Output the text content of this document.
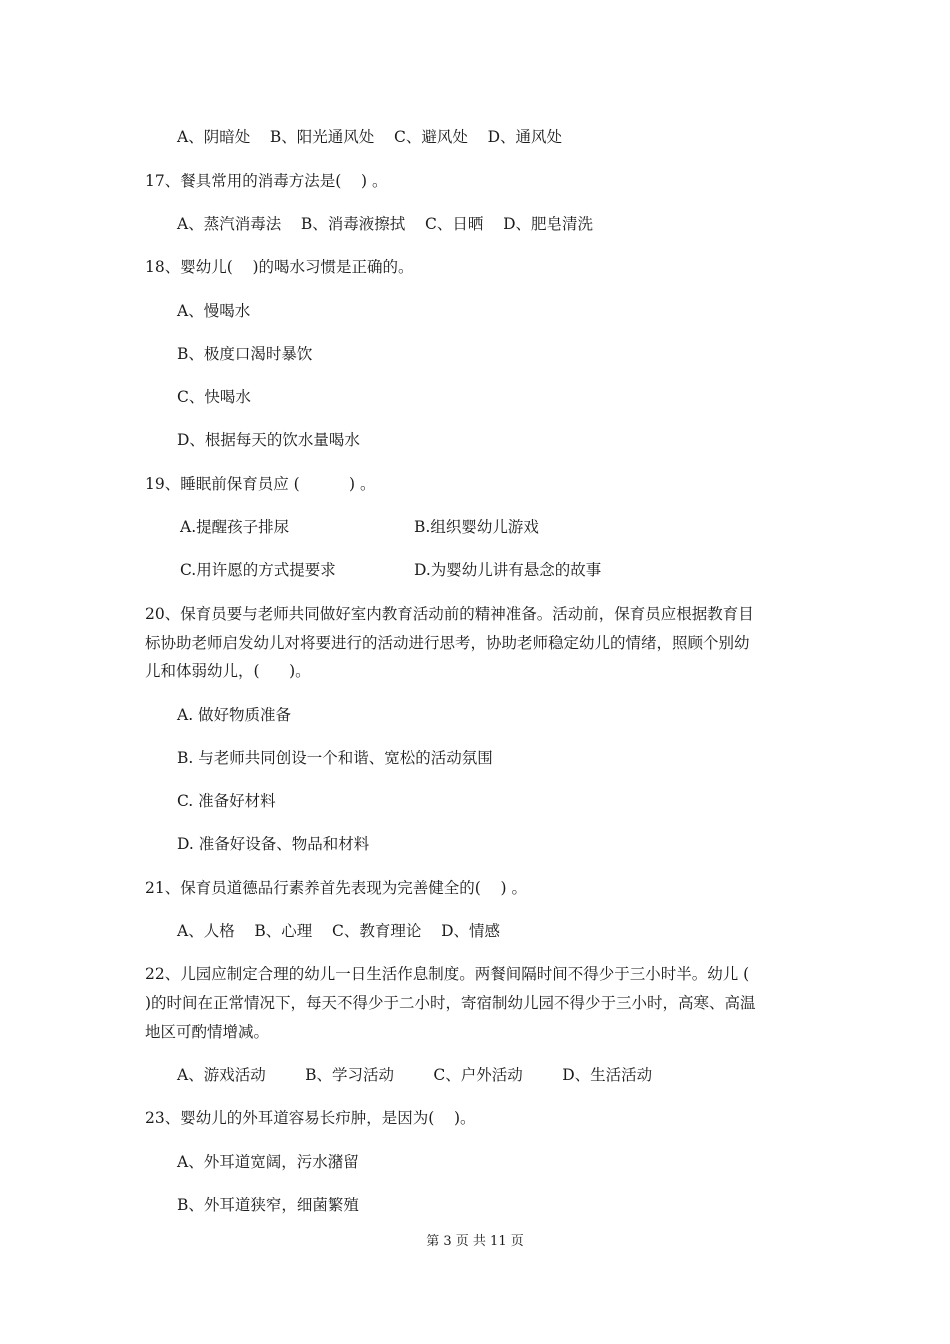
A、阴暗处    B、阳光通风处    C、避风处    D、通风处
17、餐具常用的消毒方法是(    ) 。
A、蒸汽消毒法    B、消毒液擦拭    C、日晒    D、肥皂清洗
18、婴幼儿(    )的喝水习惯是正确的。
A、慢喝水
B、极度口渴时暴饮
C、快喝水
D、根据每天的饮水量喝水
19、睡眠前保育员应 (          ) 。
A.提醒孩子排尿	B.组织婴幼儿游戏
C.用许愿的方式提要求	D.为婴幼儿讲有悬念的故事
20、保育员要与老师共同做好室内教育活动前的精神准备。活动前，保育员应根据教育目
标协助老师启发幼儿对将要进行的活动进行思考，协助老师稳定幼儿的情绪，照顾个别幼
儿和体弱幼儿，(      )。
A. 做好物质准备
B. 与老师共同创设一个和谐、宽松的活动氛围
C. 准备好材料
D. 准备好设备、物品和材料
21、保育员道德品行素养首先表现为完善健全的(    ) 。
A、人格    B、心理    C、教育理论    D、情感
22、儿园应制定合理的幼儿一日生活作息制度。两餐间隔时间不得少于三小时半。幼儿 (
)的时间在正常情况下，每天不得少于二小时，寄宿制幼儿园不得少于三小时，高寒、高温
地区可酌情增减。
A、游戏活动        B、学习活动        C、户外活动        D、生活活动
23、婴幼儿的外耳道容易长疖肿，是因为(    )。
A、外耳道宽阔，污水潴留
B、外耳道狭窄，细菌繁殖
第 3 页 共 11 页
